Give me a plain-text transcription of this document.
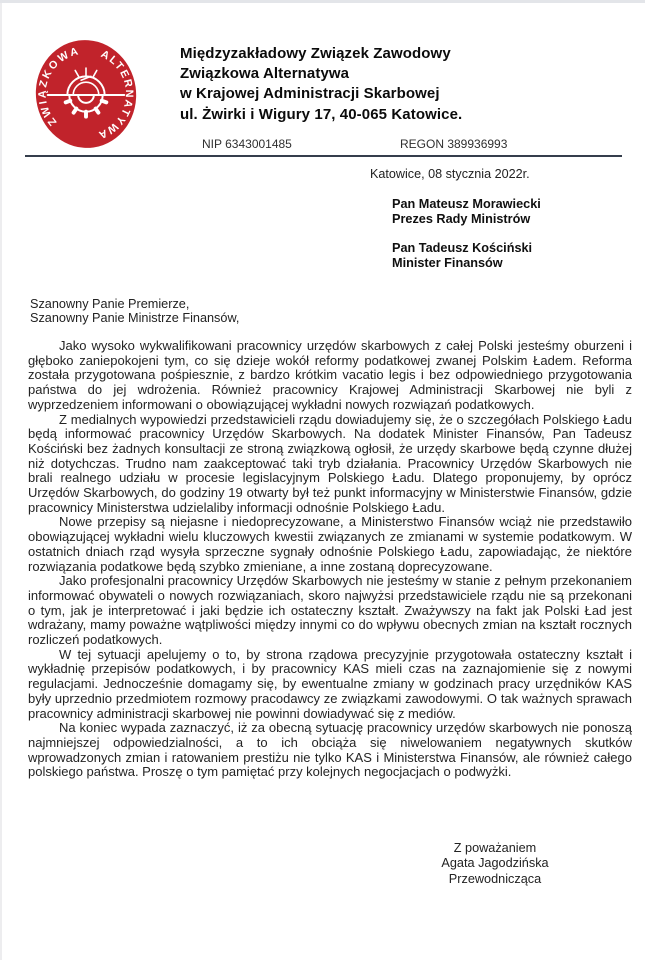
ZWIĄZKOWA	ALTERNATYWA
Międzyzakładowy Związek Zawodowy
Związkowa Alternatywa
w Krajowej Administracji Skarbowej
ul. Żwirki i Wigury 17, 40-065 Katowice.
NIP 6343001485	REGON 389936993
Katowice, 08 stycznia 2022r.
Pan Mateusz Morawiecki
Prezes Rady Ministrów
Pan Tadeusz Kościński
Minister Finansów
Szanowny Panie Premierze,
Szanowny Panie Ministrze Finansów,

Jako wysoko wykwalifikowani pracownicy urzędów skarbowych z całej Polski jesteśmy oburzeni i głęboko zaniepokojeni tym, co się dzieje wokół reformy podatkowej zwanej Polskim Ładem. Reforma została przygotowana pośpiesznie, z bardzo krótkim vacatio legis i bez odpowiedniego przygotowania państwa do jej wdrożenia. Również pracownicy Krajowej Administracji Skarbowej nie byli z wyprzedzeniem informowani o obowiązującej wykładni nowych rozwiązań podatkowych.

Z medialnych wypowiedzi przedstawicieli rządu dowiadujemy się, że o szczegółach Polskiego Ładu będą informować pracownicy Urzędów Skarbowych. Na dodatek Minister Finansów, Pan Tadeusz Kościński bez żadnych konsultacji ze stroną związkową ogłosił, że urzędy skarbowe będą czynne dłużej niż dotychczas. Trudno nam zaakceptować taki tryb działania. Pracownicy Urzędów Skarbowych nie brali realnego udziału w procesie legislacyjnym Polskiego Ładu. Dlatego proponujemy, by oprócz Urzędów Skarbowych, do godziny 19 otwarty był też punkt informacyjny w Ministerstwie Finansów, gdzie pracownicy Ministerstwa udzielaliby informacji odnośnie Polskiego Ładu.

Nowe przepisy są niejasne i niedoprecyzowane, a Ministerstwo Finansów wciąż nie przedstawiło obowiązującej wykładni wielu kluczowych kwestii związanych ze zmianami w systemie podatkowym. W ostatnich dniach rząd wysyła sprzeczne sygnały odnośnie Polskiego Ładu, zapowiadając, że niektóre rozwiązania podatkowe będą szybko zmieniane, a inne zostaną doprecyzowane.

Jako profesjonalni pracownicy Urzędów Skarbowych nie jesteśmy w stanie z pełnym przekonaniem informować obywateli o nowych rozwiązaniach, skoro najwyżsi przedstawiciele rządu nie są przekonani o tym, jak je interpretować i jaki będzie ich ostateczny kształt. Zważywszy na fakt jak Polski Ład jest wdrażany, mamy poważne wątpliwości między innymi co do wpływu obecnych zmian na kształt rocznych rozliczeń podatkowych.

W tej sytuacji apelujemy o to, by strona rządowa precyzyjnie przygotowała ostateczny kształt i wykładnię przepisów podatkowych, i by pracownicy KAS mieli czas na zaznajomienie się z nowymi regulacjami. Jednocześnie domagamy się, by ewentualne zmiany w godzinach pracy urzędników KAS były uprzednio przedmiotem rozmowy pracodawcy ze związkami zawodowymi. O tak ważnych sprawach pracownicy administracji skarbowej nie powinni dowiadywać się z mediów.

Na koniec wypada zaznaczyć, iż za obecną sytuację pracownicy urzędów skarbowych nie ponoszą najmniejszej odpowiedzialności, a to ich obciąża się niwelowaniem negatywnych skutków wprowadzonych zmian i ratowaniem prestiżu nie tylko KAS i Ministerstwa Finansów, ale również całego polskiego państwa. Proszę o tym pamiętać przy kolejnych negocjacjach o podwyżki.

Z poważaniem
Agata Jagodzińska
Przewodnicząca
